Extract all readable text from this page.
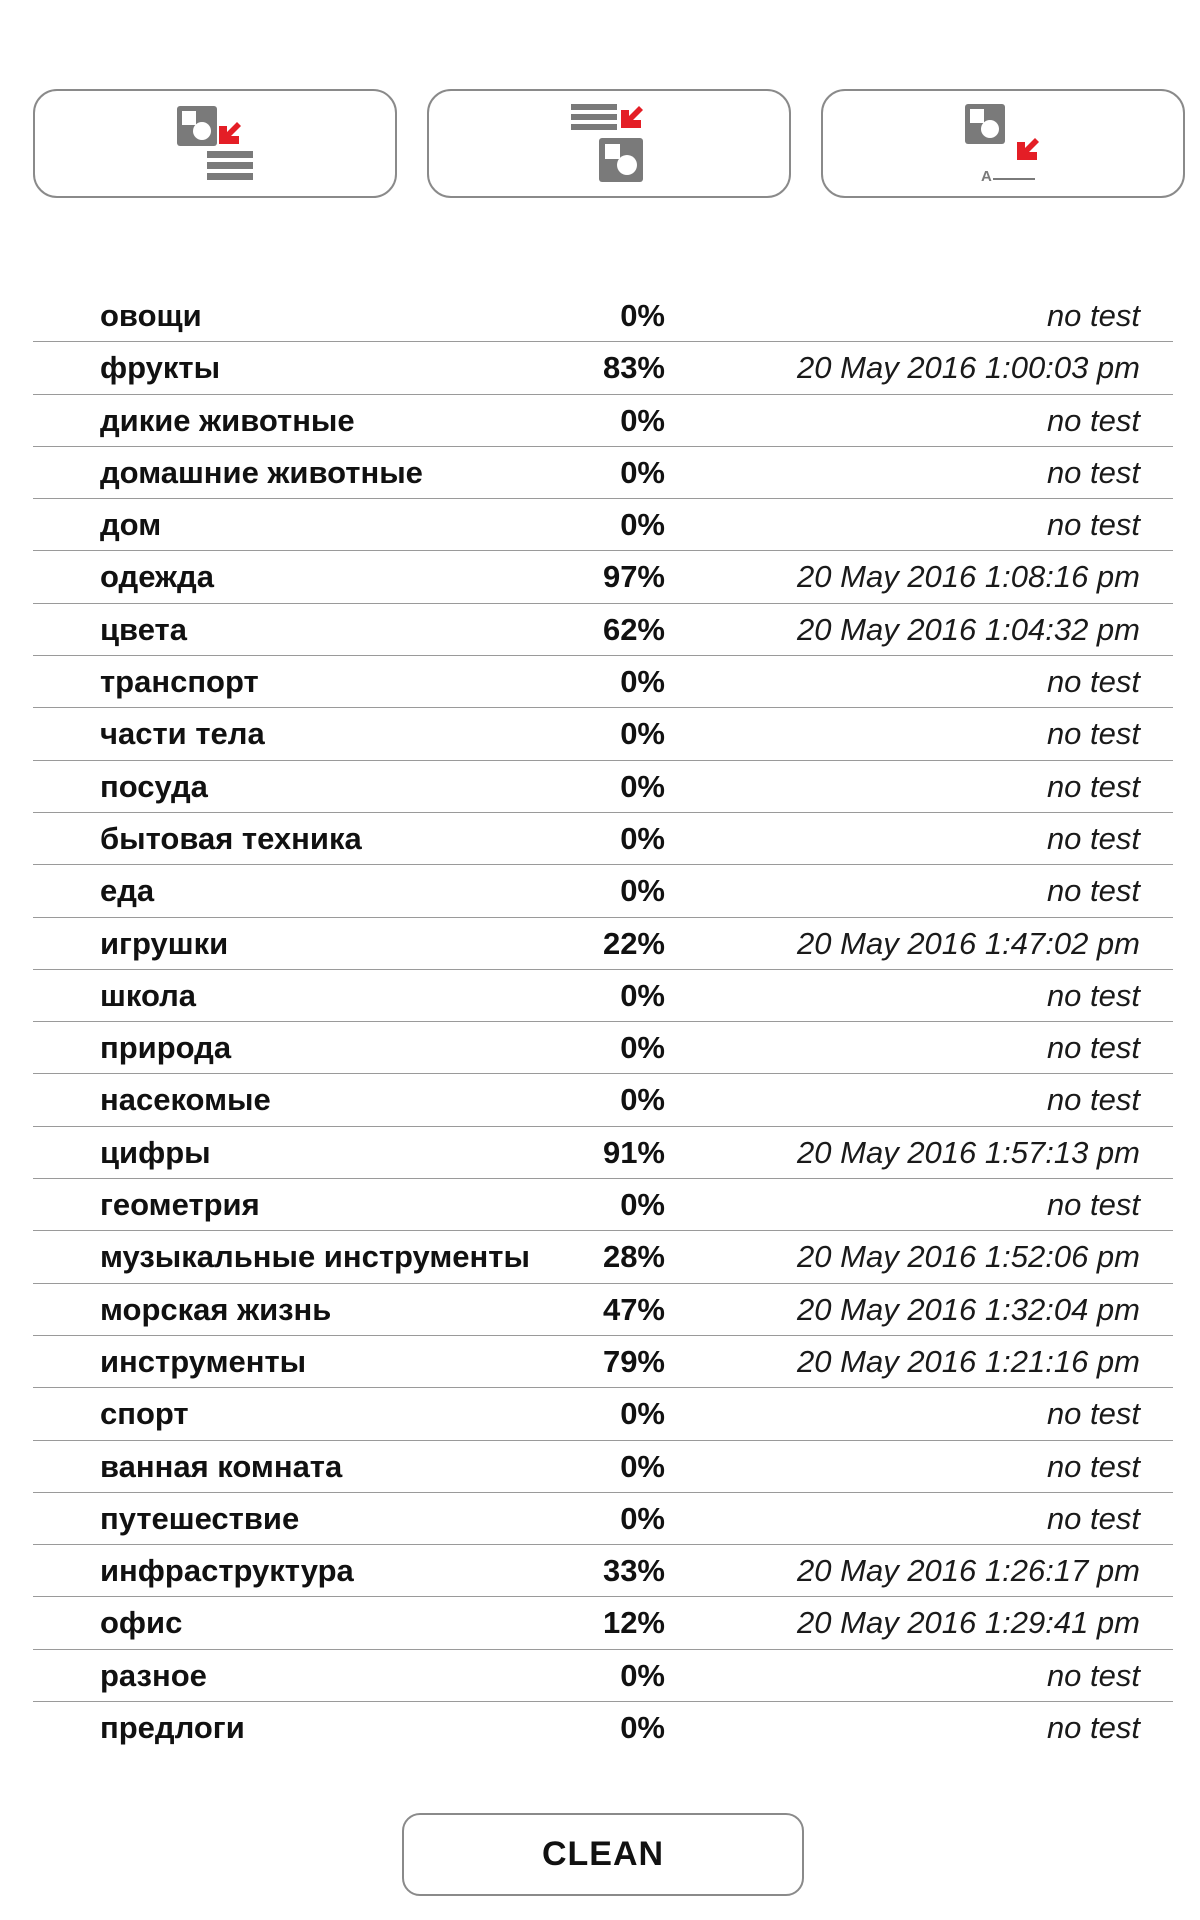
A
овощи	0%	no test
фрукты	83%	20 May 2016 1:00:03 pm
дикие животные	0%	no test
домашние животные	0%	no test
дом	0%	no test
одежда	97%	20 May 2016 1:08:16 pm
цвета	62%	20 May 2016 1:04:32 pm
транспорт	0%	no test
части тела	0%	no test
посуда	0%	no test
бытовая техника	0%	no test
еда	0%	no test
игрушки	22%	20 May 2016 1:47:02 pm
школа	0%	no test
природа	0%	no test
насекомые	0%	no test
цифры	91%	20 May 2016 1:57:13 pm
геометрия	0%	no test
музыкальные инструменты 28%	20 May 2016 1:52:06 pm
морская жизнь	47%	20 May 2016 1:32:04 pm
инструменты	79%	20 May 2016 1:21:16 pm
спорт	0%	no test
ванная комната	0%	no test
путешествие	0%	no test
инфраструктура	33%	20 May 2016 1:26:17 pm
офис	12%	20 May 2016 1:29:41 pm
разное	0%	no test
предлоги	0%	no test
CLEAN
